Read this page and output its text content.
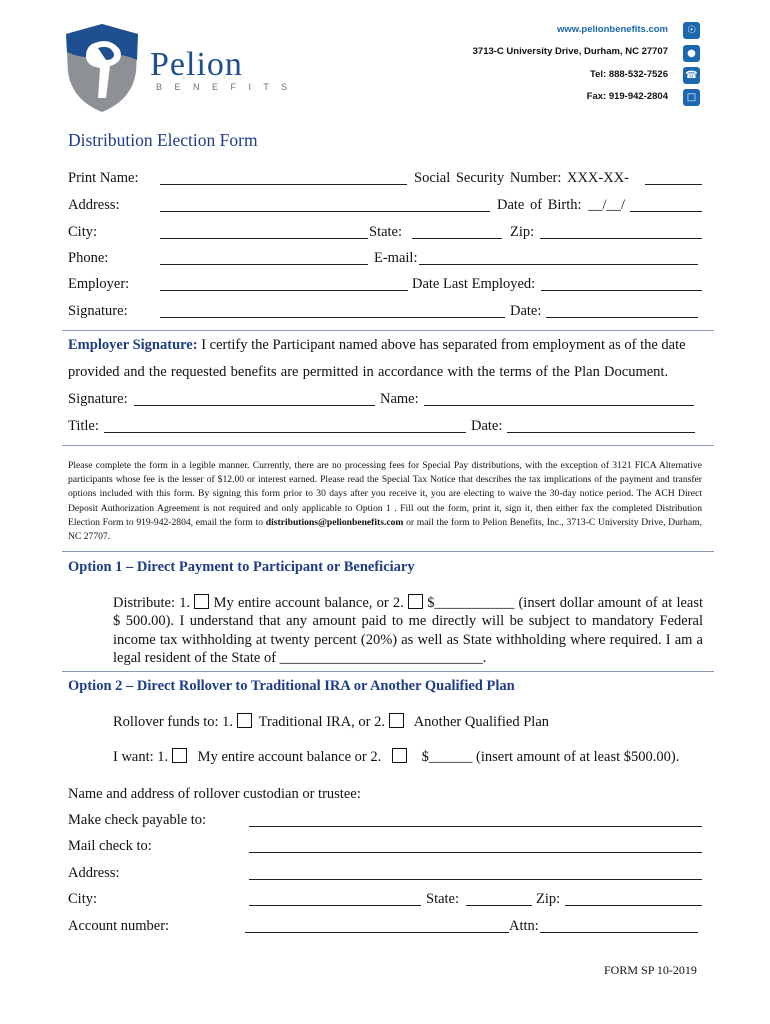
Pelion
B E N E F I T S
www.pelionbenefits.com
3713-C University Drive, Durham, NC 27707
Tel: 888-532-7526
Fax: 919-942-2804
☉
●
☎
□
Distribution Election Form
Print Name:	Social Security Number: XXX-XX-
Address:	Date of Birth: __/__/
City:	State:	Zip:
Phone:	E-mail:
Employer:	Date Last Employed:
Signature:	Date:
Employer Signature: I certify the Participant named above has separated from employment as of the date
provided and the requested benefits are permitted in accordance with the terms of the Plan Document.
Signature:	Name:
Title:	Date:
Please complete the form in a legible manner. Currently, there are no processing fees for Special Pay distributions, with the exception of 3121 FICA Alternative participants whose fee is the lesser of $12.00 or interest earned. Please read the Special Tax Notice that describes the tax implications of the payment and transfer options included with this form. By signing this form prior to 30 days after you receive it, you are electing to waive the 30-day notice period. The ACH Direct Deposit Authorization Agreement is not required and only applicable to Option 1 . Fill out the form, print it, sign it, then either fax the completed Distribution Election Form to 919-942-2804, email the form to distributions@pelionbenefits.com or mail the form to Pelion Benefits, Inc., 3713-C University Drive, Durham, NC 27707.
Option 1 – Direct Payment to Participant or Beneficiary
Distribute: 1. My entire account balance, or 2. $___________ (insert dollar amount of at least $ 500.00). I understand that any amount paid to me directly will be subject to mandatory Federal income tax withholding at twenty percent (20%) as well as State withholding where required. I am a legal resident of the State of ____________________________.
Option 2 – Direct Rollover to Traditional IRA or Another Qualified Plan
Rollover funds to: 1. Traditional IRA, or 2. Another Qualified Plan
I want: 1. My entire account balance or 2.	$______ (insert amount of at least $500.00).
Name and address of rollover custodian or trustee:
Make check payable to:
Mail check to:
Address:
City:	State:	Zip:
Account number:	Attn:
FORM SP 10-2019
